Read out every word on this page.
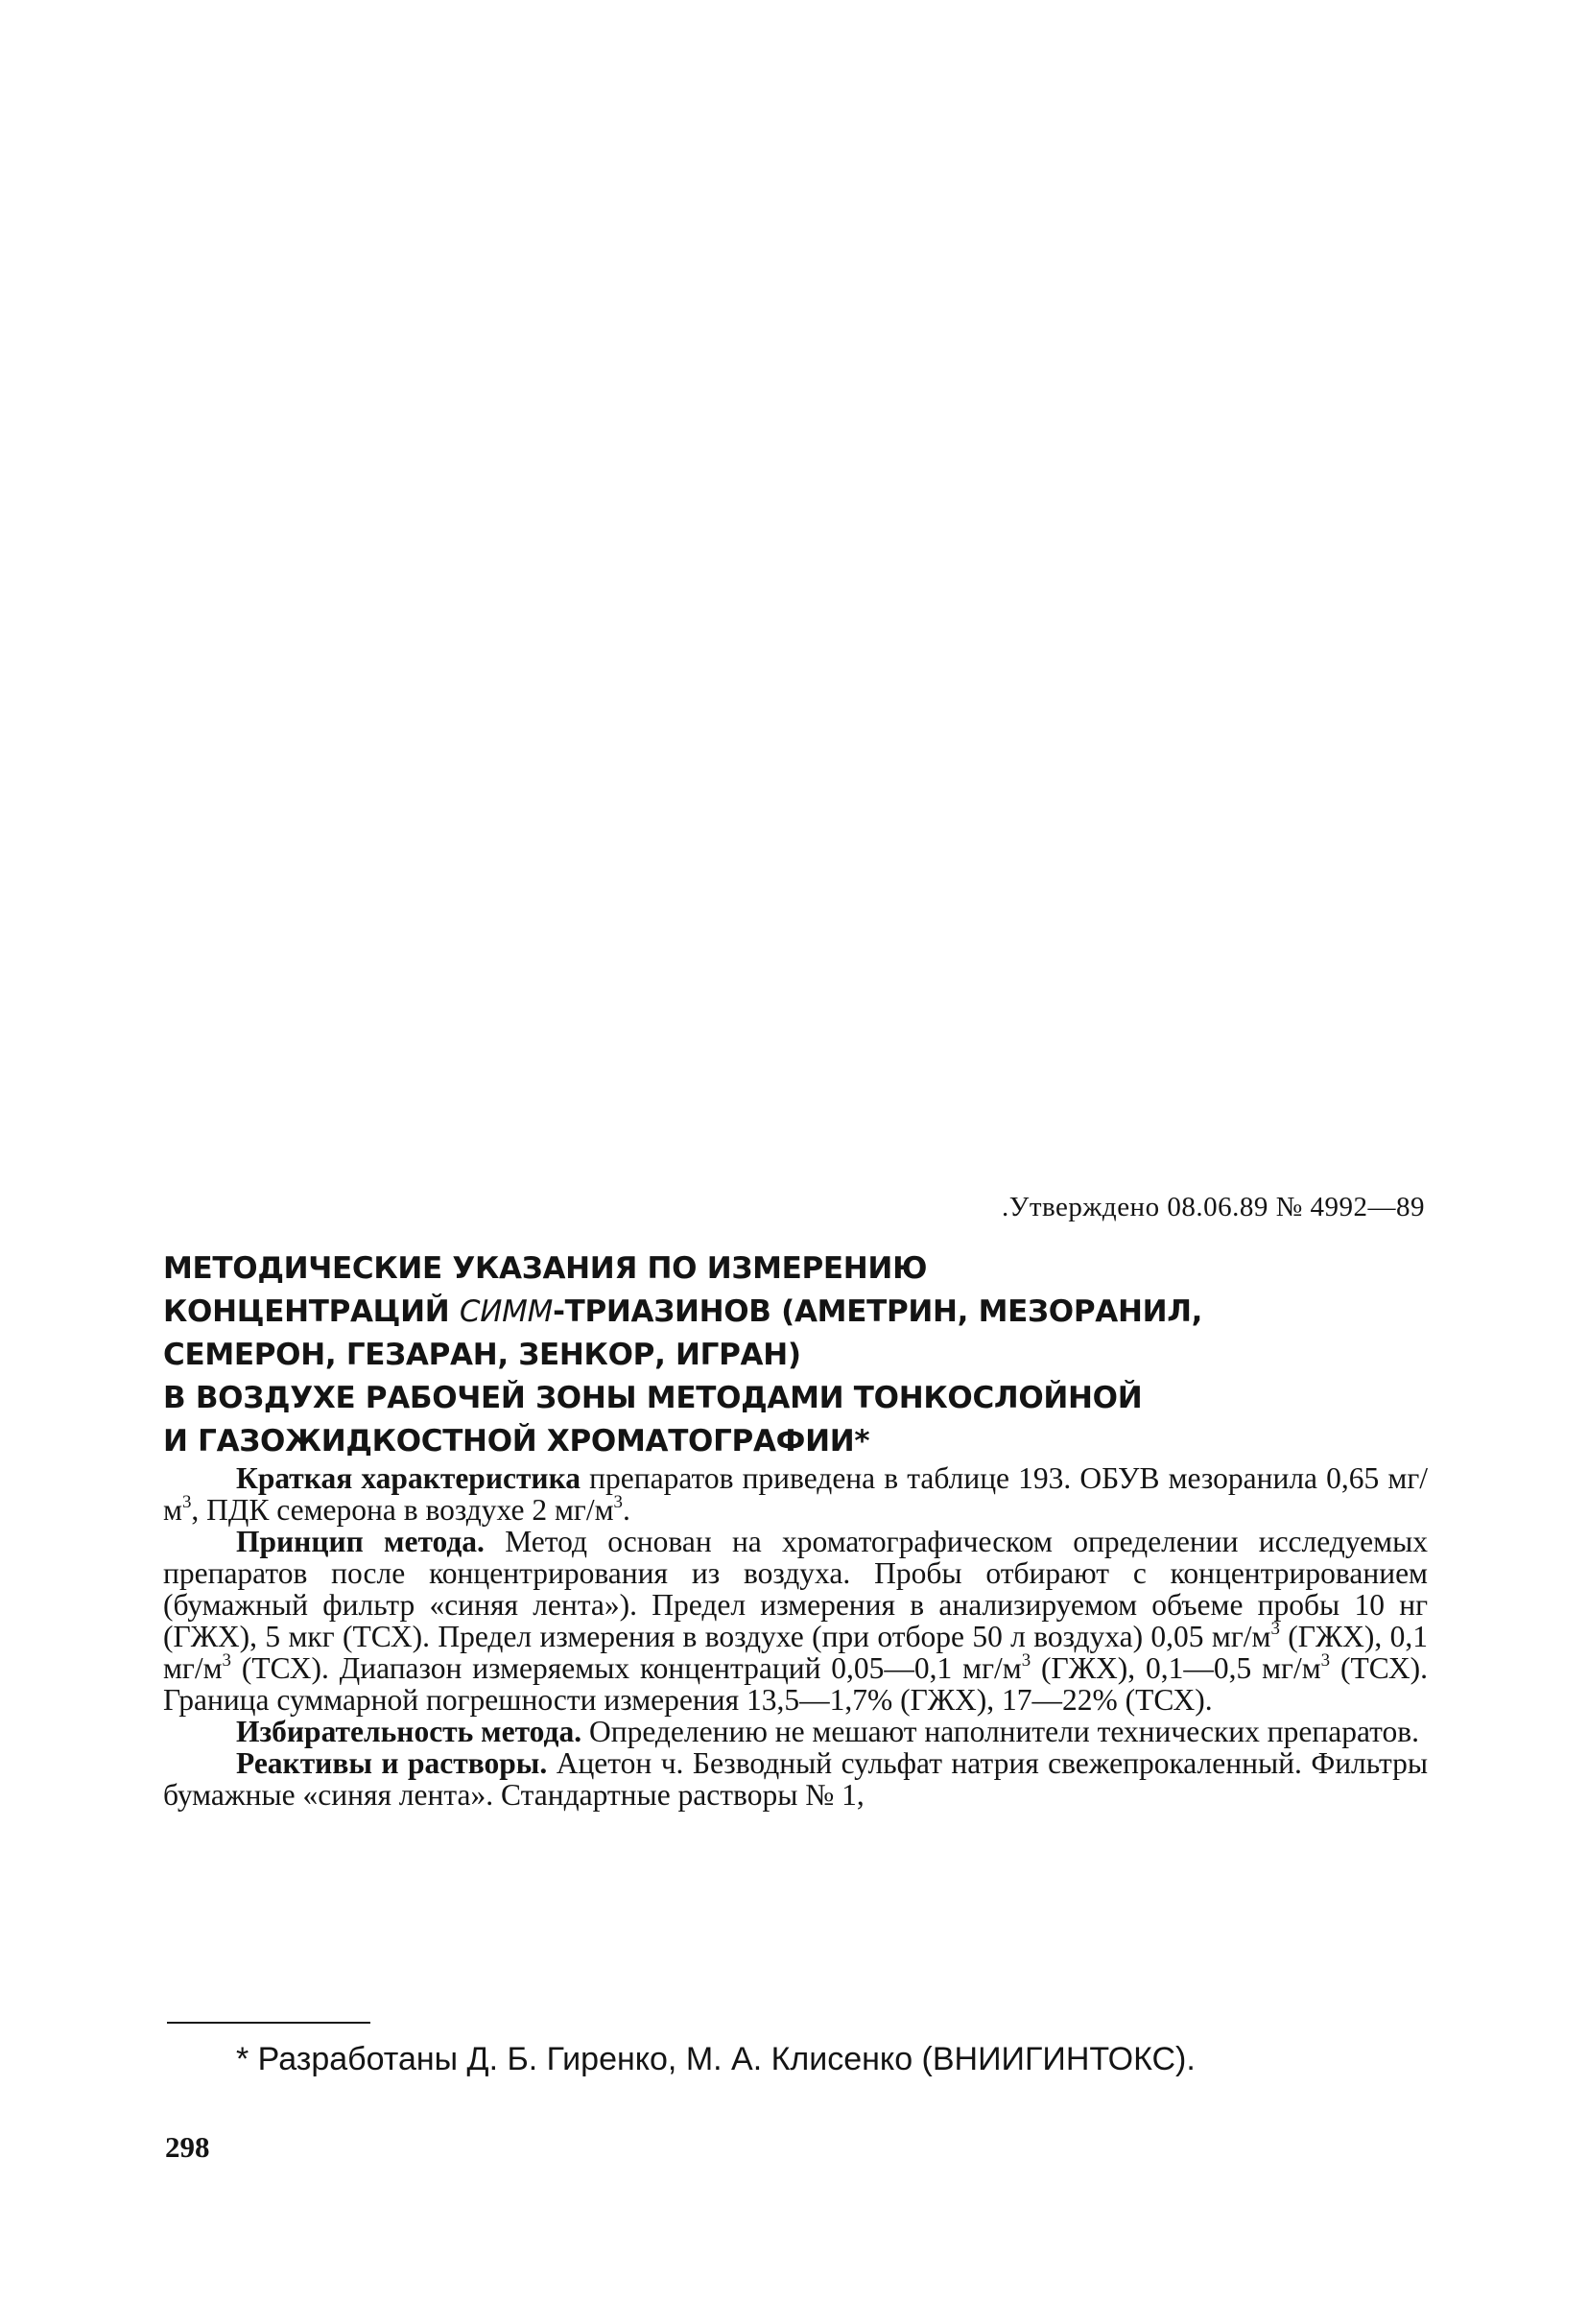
.Утверждено 08.06.89 № 4992—89
МЕТОДИЧЕСКИЕ УКАЗАНИЯ ПО ИЗМЕРЕНИЮ
КОНЦЕНТРАЦИЙ СИММ-ТРИАЗИНОВ (АМЕТРИН, МЕЗОРАНИЛ,
СЕМЕРОН, ГЕЗАРАН, ЗЕНКОР, ИГРАН)
В ВОЗДУХЕ РАБОЧЕЙ ЗОНЫ МЕТОДАМИ ТОНКОСЛОЙНОЙ
И ГАЗОЖИДКОСТНОЙ ХРОМАТОГРАФИИ*

Краткая характеристика препаратов приведена в таблице 193. ОБУВ мезоранила 0,65 $мг/м^3$, ПДК семерона в воздухе 2 $мг/м^3$.

Принцип метода. Метод основан на хроматографическом определении исследуемых препаратов после концентрирования из воздуха. Пробы отбирают с концентрированием (бумажный фильтр «синяя лента»). Предел измерения в анализируемом объеме пробы 10 нг (ГЖХ), 5 мкг (ТСХ). Предел измерения в воздухе (при отборе 50 л воздуха) 0,05 $мг/м^3$ (ГЖХ), 0,1 $мг/м^3$ (ТСХ). Диапазон измеряемых концентраций 0,05—0,1 $мг/м^3$ (ГЖХ), 0,1—0,5 $мг/м^3$ (ТСХ). Граница суммарной погрешности измерения 13,5—1,7% (ГЖХ), 17—22% (ТСХ).

Избирательность метода. Определению не мешают наполнители технических препаратов.

Реактивы и растворы. Ацетон ч. Безводный сульфат натрия свежепрокаленный. Фильтры бумажные «синяя лента». Стандартные растворы № 1,

* Разработаны Д. Б. Гиренко, М. А. Клисенко (ВНИИГИНТОКС).
298
